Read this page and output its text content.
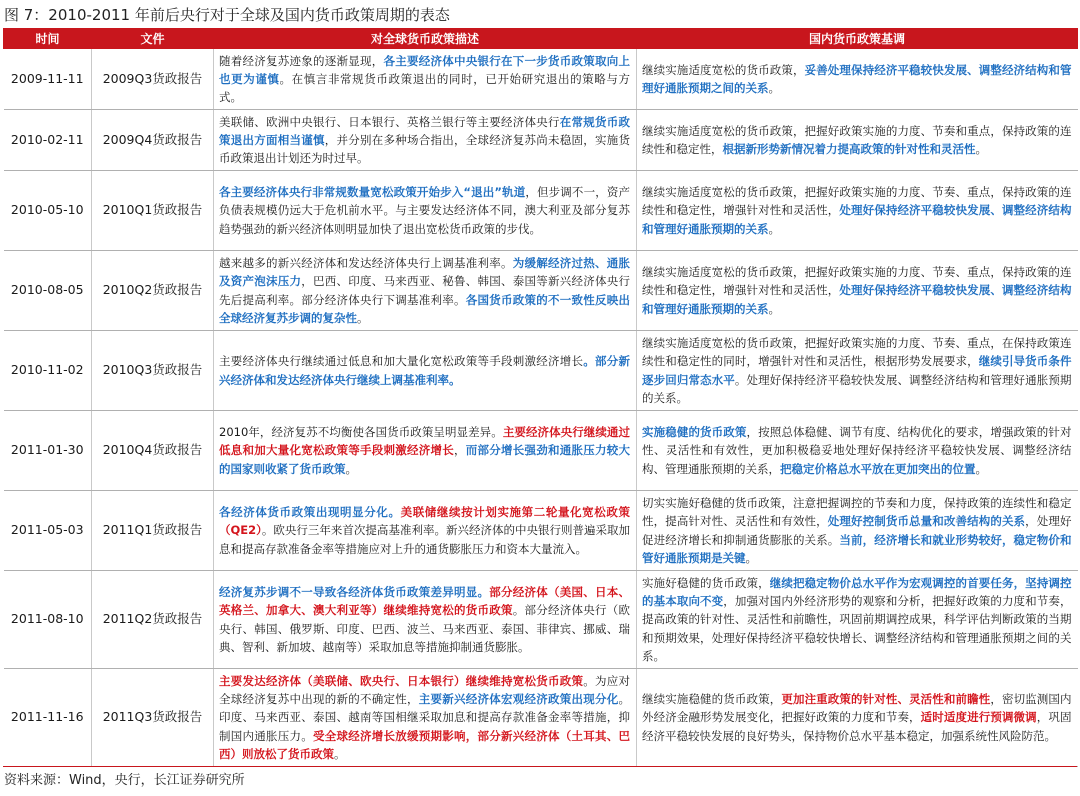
图 7：2010-2011 年前后央行对于全球及国内货币政策周期的表态
时间	文件	对全球货币政策描述	国内货币政策基调
2009-11-11	2009Q3货政报告	随着经济复苏迹象的逐渐显现，各主要经济体中央银行在下一步货币政策取向上也更为谨慎。在慎言非常规货币政策退出的同时，已开始研究退出的策略与方式。	继续实施适度宽松的货币政策，妥善处理保持经济平稳较快发展、调整经济结构和管理好通胀预期之间的关系。
2010-02-11	2009Q4货政报告	美联储、欧洲中央银行、日本银行、英格兰银行等主要经济体央行在常规货币政策退出方面相当谨慎，并分别在多种场合指出，全球经济复苏尚未稳固，实施货币政策退出计划还为时过早。	继续实施适度宽松的货币政策，把握好政策实施的力度、节奏和重点，保持政策的连续性和稳定性，根据新形势新情况着力提高政策的针对性和灵活性。
2010-05-10	2010Q1货政报告	各主要经济体央行非常规数量宽松政策开始步入“退出”轨道，但步调不一，资产负债表规模仍远大于危机前水平。与主要发达经济体不同，澳大利亚及部分复苏趋势强劲的新兴经济体则明显加快了退出宽松货币政策的步伐。	继续实施适度宽松的货币政策，把握好政策实施的力度、节奏、重点，保持政策的连续性和稳定性，增强针对性和灵活性，处理好保持经济平稳较快发展、调整经济结构和管理好通胀预期的关系。
2010-08-05	2010Q2货政报告	越来越多的新兴经济体和发达经济体央行上调基准利率。为缓解经济过热、通胀及资产泡沫压力，巴西、印度、马来西亚、秘鲁、韩国、泰国等新兴经济体央行先后提高利率。部分经济体央行下调基准利率。各国货币政策的不一致性反映出全球经济复苏步调的复杂性。	继续实施适度宽松的货币政策，把握好政策实施的力度、节奏、重点，保持政策的连续性和稳定性，增强针对性和灵活性，处理好保持经济平稳较快发展、调整经济结构和管理好通胀预期的关系。
2010-11-02	2010Q3货政报告	主要经济体央行继续通过低息和加大量化宽松政策等手段刺激经济增长。部分新兴经济体和发达经济体央行继续上调基准利率。	继续实施适度宽松的货币政策，把握好政策实施的力度、节奏、重点，在保持政策连续性和稳定性的同时，增强针对性和灵活性，根据形势发展要求，继续引导货币条件逐步回归常态水平。处理好保持经济平稳较快发展、调整经济结构和管理好通胀预期的关系。
2011-01-30	2010Q4货政报告	2010年，经济复苏不均衡使各国货币政策呈明显差异。主要经济体央行继续通过低息和加大量化宽松政策等手段刺激经济增长，而部分增长强劲和通胀压力较大的国家则收紧了货币政策。	实施稳健的货币政策，按照总体稳健、调节有度、结构优化的要求，增强政策的针对性、灵活性和有效性，更加积极稳妥地处理好保持经济平稳较快发展、调整经济结构、管理通胀预期的关系，把稳定价格总水平放在更加突出的位置。
2011-05-03	2011Q1货政报告	各经济体货币政策出现明显分化。美联储继续按计划实施第二轮量化宽松政策（QE2）。欧央行三年来首次提高基准利率。新兴经济体的中央银行则普遍采取加息和提高存款准备金率等措施应对上升的通货膨胀压力和资本大量流入。	切实实施好稳健的货币政策，注意把握调控的节奏和力度，保持政策的连续性和稳定性，提高针对性、灵活性和有效性，处理好控制货币总量和改善结构的关系，处理好促进经济增长和抑制通货膨胀的关系。当前，经济增长和就业形势较好，稳定物价和管好通胀预期是关键。
2011-08-10	2011Q2货政报告	经济复苏步调不一导致各经济体货币政策差异明显。部分经济体（美国、日本、英格兰、加拿大、澳大利亚等）继续维持宽松的货币政策。部分经济体央行（欧央行、韩国、俄罗斯、印度、巴西、波兰、马来西亚、泰国、菲律宾、挪威、瑞典、智利、新加坡、越南等）采取加息等措施抑制通货膨胀。	实施好稳健的货币政策，继续把稳定物价总水平作为宏观调控的首要任务，坚持调控的基本取向不变，加强对国内外经济形势的观察和分析，把握好政策的力度和节奏，提高政策的针对性、灵活性和前瞻性，巩固前期调控成果，科学评估判断政策的当期和预期效果，处理好保持经济平稳较快增长、调整经济结构和管理通胀预期之间的关系。
2011-11-16	2011Q3货政报告	主要发达经济体（美联储、欧央行、日本银行）继续维持宽松货币政策。为应对全球经济复苏中出现的新的不确定性，主要新兴经济体宏观经济政策出现分化。印度、马来西亚、泰国、越南等国相继采取加息和提高存款准备金率等措施，抑制国内通胀压力。受全球经济增长放缓预期影响，部分新兴经济体（土耳其、巴西）则放松了货币政策。	继续实施稳健的货币政策，更加注重政策的针对性、灵活性和前瞻性，密切监测国内外经济金融形势发展变化，把握好政策的力度和节奏，适时适度进行预调微调，巩固经济平稳较快发展的良好势头，保持物价总水平基本稳定，加强系统性风险防范。
资料来源：Wind，央行，长江证券研究所
